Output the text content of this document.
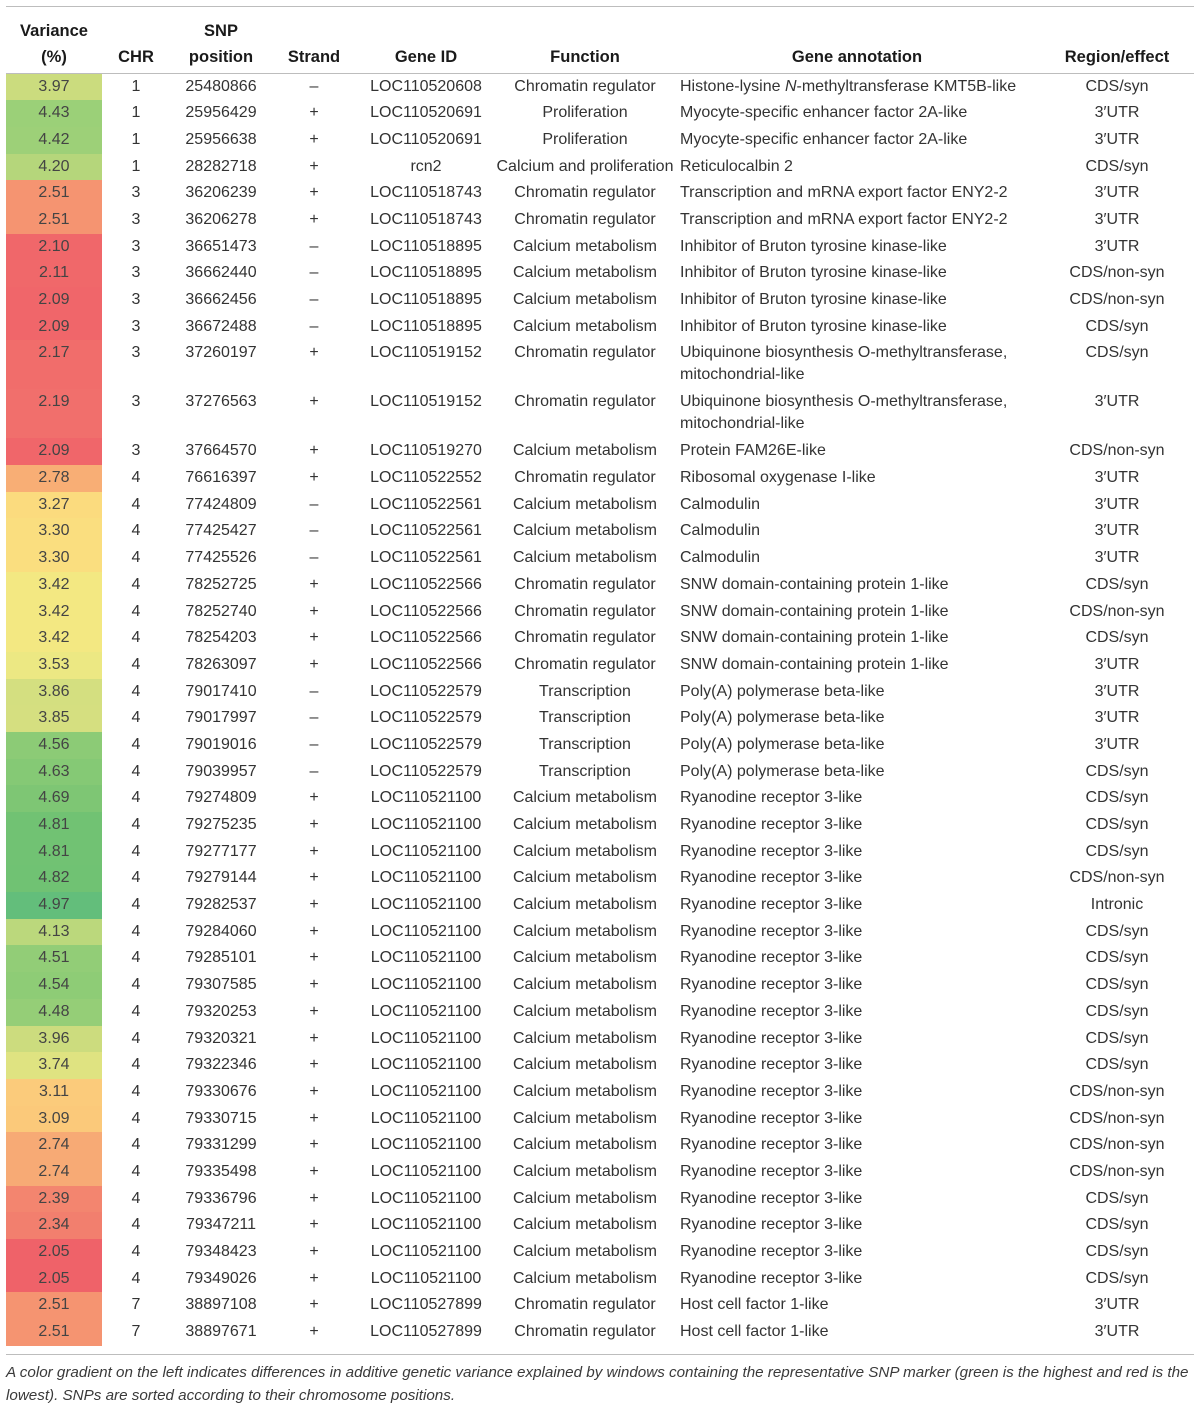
Variance		SNP					
(%)	CHR	position	Strand	Gene ID	Function	Gene annotation	Region/effect
3.97	1	25480866	–	LOC110520608	Chromatin regulator	Histone-lysine N-methyltransferase KMT5B-like	CDS/syn
4.43	1	25956429	+	LOC110520691	Proliferation	Myocyte-specific enhancer factor 2A-like	3′UTR
4.42	1	25956638	+	LOC110520691	Proliferation	Myocyte-specific enhancer factor 2A-like	3′UTR
4.20	1	28282718	+	rcn2	Calcium and proliferation	Reticulocalbin 2	CDS/syn
2.51	3	36206239	+	LOC110518743	Chromatin regulator	Transcription and mRNA export factor ENY2-2	3′UTR
2.51	3	36206278	+	LOC110518743	Chromatin regulator	Transcription and mRNA export factor ENY2-2	3′UTR
2.10	3	36651473	–	LOC110518895	Calcium metabolism	Inhibitor of Bruton tyrosine kinase-like	3′UTR
2.11	3	36662440	–	LOC110518895	Calcium metabolism	Inhibitor of Bruton tyrosine kinase-like	CDS/non-syn
2.09	3	36662456	–	LOC110518895	Calcium metabolism	Inhibitor of Bruton tyrosine kinase-like	CDS/non-syn
2.09	3	36672488	–	LOC110518895	Calcium metabolism	Inhibitor of Bruton tyrosine kinase-like	CDS/syn
2.17	3	37260197	+	LOC110519152	Chromatin regulator	Ubiquinone biosynthesis O-methyltransferase, mitochondrial-like	CDS/syn
2.19	3	37276563	+	LOC110519152	Chromatin regulator	Ubiquinone biosynthesis O-methyltransferase, mitochondrial-like	3′UTR
2.09	3	37664570	+	LOC110519270	Calcium metabolism	Protein FAM26E-like	CDS/non-syn
2.78	4	76616397	+	LOC110522552	Chromatin regulator	Ribosomal oxygenase I-like	3′UTR
3.27	4	77424809	–	LOC110522561	Calcium metabolism	Calmodulin	3′UTR
3.30	4	77425427	–	LOC110522561	Calcium metabolism	Calmodulin	3′UTR
3.30	4	77425526	–	LOC110522561	Calcium metabolism	Calmodulin	3′UTR
3.42	4	78252725	+	LOC110522566	Chromatin regulator	SNW domain-containing protein 1-like	CDS/syn
3.42	4	78252740	+	LOC110522566	Chromatin regulator	SNW domain-containing protein 1-like	CDS/non-syn
3.42	4	78254203	+	LOC110522566	Chromatin regulator	SNW domain-containing protein 1-like	CDS/syn
3.53	4	78263097	+	LOC110522566	Chromatin regulator	SNW domain-containing protein 1-like	3′UTR
3.86	4	79017410	–	LOC110522579	Transcription	Poly(A) polymerase beta-like	3′UTR
3.85	4	79017997	–	LOC110522579	Transcription	Poly(A) polymerase beta-like	3′UTR
4.56	4	79019016	–	LOC110522579	Transcription	Poly(A) polymerase beta-like	3′UTR
4.63	4	79039957	–	LOC110522579	Transcription	Poly(A) polymerase beta-like	CDS/syn
4.69	4	79274809	+	LOC110521100	Calcium metabolism	Ryanodine receptor 3-like	CDS/syn
4.81	4	79275235	+	LOC110521100	Calcium metabolism	Ryanodine receptor 3-like	CDS/syn
4.81	4	79277177	+	LOC110521100	Calcium metabolism	Ryanodine receptor 3-like	CDS/syn
4.82	4	79279144	+	LOC110521100	Calcium metabolism	Ryanodine receptor 3-like	CDS/non-syn
4.97	4	79282537	+	LOC110521100	Calcium metabolism	Ryanodine receptor 3-like	Intronic
4.13	4	79284060	+	LOC110521100	Calcium metabolism	Ryanodine receptor 3-like	CDS/syn
4.51	4	79285101	+	LOC110521100	Calcium metabolism	Ryanodine receptor 3-like	CDS/syn
4.54	4	79307585	+	LOC110521100	Calcium metabolism	Ryanodine receptor 3-like	CDS/syn
4.48	4	79320253	+	LOC110521100	Calcium metabolism	Ryanodine receptor 3-like	CDS/syn
3.96	4	79320321	+	LOC110521100	Calcium metabolism	Ryanodine receptor 3-like	CDS/syn
3.74	4	79322346	+	LOC110521100	Calcium metabolism	Ryanodine receptor 3-like	CDS/syn
3.11	4	79330676	+	LOC110521100	Calcium metabolism	Ryanodine receptor 3-like	CDS/non-syn
3.09	4	79330715	+	LOC110521100	Calcium metabolism	Ryanodine receptor 3-like	CDS/non-syn
2.74	4	79331299	+	LOC110521100	Calcium metabolism	Ryanodine receptor 3-like	CDS/non-syn
2.74	4	79335498	+	LOC110521100	Calcium metabolism	Ryanodine receptor 3-like	CDS/non-syn
2.39	4	79336796	+	LOC110521100	Calcium metabolism	Ryanodine receptor 3-like	CDS/syn
2.34	4	79347211	+	LOC110521100	Calcium metabolism	Ryanodine receptor 3-like	CDS/syn
2.05	4	79348423	+	LOC110521100	Calcium metabolism	Ryanodine receptor 3-like	CDS/syn
2.05	4	79349026	+	LOC110521100	Calcium metabolism	Ryanodine receptor 3-like	CDS/syn
2.51	7	38897108	+	LOC110527899	Chromatin regulator	Host cell factor 1-like	3′UTR
2.51	7	38897671	+	LOC110527899	Chromatin regulator	Host cell factor 1-like	3′UTR
A color gradient on the left indicates differences in additive genetic variance explained by windows containing the representative SNP marker (green is the highest and red is the lowest). SNPs are sorted according to their chromosome positions.
